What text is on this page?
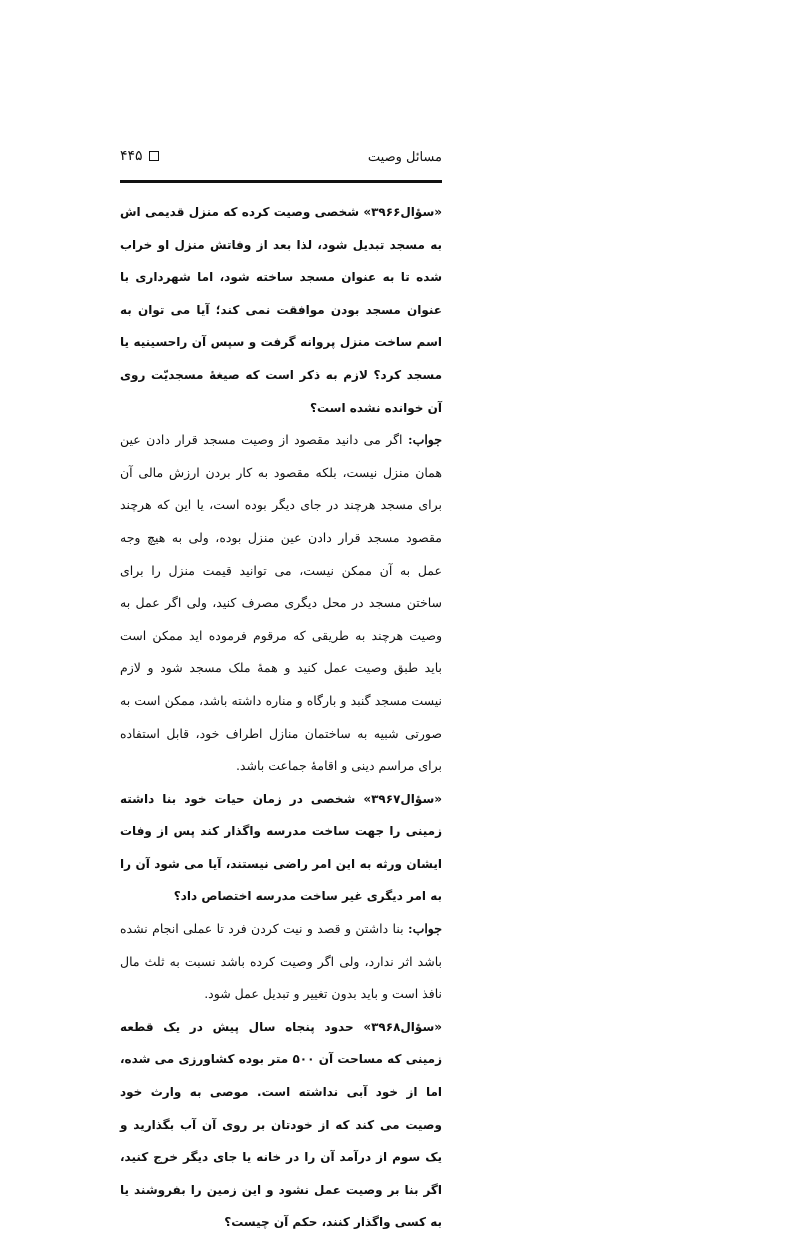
مسائل وصیت
۴۴۵

«سؤال۳۹۶۶» شخصی وصیت کرده که منزل قدیمی اش به مسجد تبدیل شود، لذا بعد از وفاتش منزل او خراب شده تا به عنوان مسجد ساخته شود، اما شهرداری با عنوان مسجد بودن موافقت نمی کند؛ آیا می توان به اسم ساخت منزل پروانه گرفت و سپس آن راحسینیه یا مسجد کرد؟ لازم به ذکر است که صیغهٔ مسجدیّت روی آن خوانده نشده است؟

جواب: اگر می دانید مقصود از وصیت مسجد قرار دادن عین همان منزل نیست، بلکه مقصود به کار بردن ارزش مالی آن برای مسجد هرچند در جای دیگر بوده است، یا این که هرچند مقصود مسجد قرار دادن عین منزل بوده، ولی به هیچ وجه عمل به آن ممکن نیست، می توانید قیمت منزل را برای ساختن مسجد در محل دیگری مصرف کنید، ولی اگر عمل به وصیت هرچند به طریقی که مرقوم فرموده اید ممکن است باید طبق وصیت عمل کنید و همهٔ ملک مسجد شود و لازم نیست مسجد گنبد و بارگاه و مناره داشته باشد، ممکن است به صورتی شبیه به ساختمان منازل اطراف خود، قابل استفاده برای مراسم دینی و اقامهٔ جماعت باشد.

«سؤال۳۹۶۷» شخصی در زمان حیات خود بنا داشته زمینی را جهت ساخت مدرسه واگذار کند پس از وفات ایشان ورثه به این امر راضی نیستند، آیا می شود آن را به امر دیگری غیر ساخت مدرسه اختصاص داد؟

جواب: بنا داشتن و قصد و نیت کردن فرد تا عملی انجام نشده باشد اثر ندارد، ولی اگر وصیت کرده باشد نسبت به ثلث مال نافذ است و باید بدون تغییر و تبدیل عمل شود.

«سؤال۳۹۶۸» حدود پنجاه سال پیش در یک قطعه زمینی که مساحت آن ۵۰۰ متر بوده کشاورزی می شده، اما از خود آبی نداشته است. موصی به وارث خود وصیت می کند که از خودتان بر روی آن آب بگذارید و یک سوم از درآمد آن را در خانه یا جای دیگر خرج کنید، اگر بنا بر وصیت عمل نشود و این زمین را بفروشند یا به کسی واگذار کنند، حکم آن چیست؟
